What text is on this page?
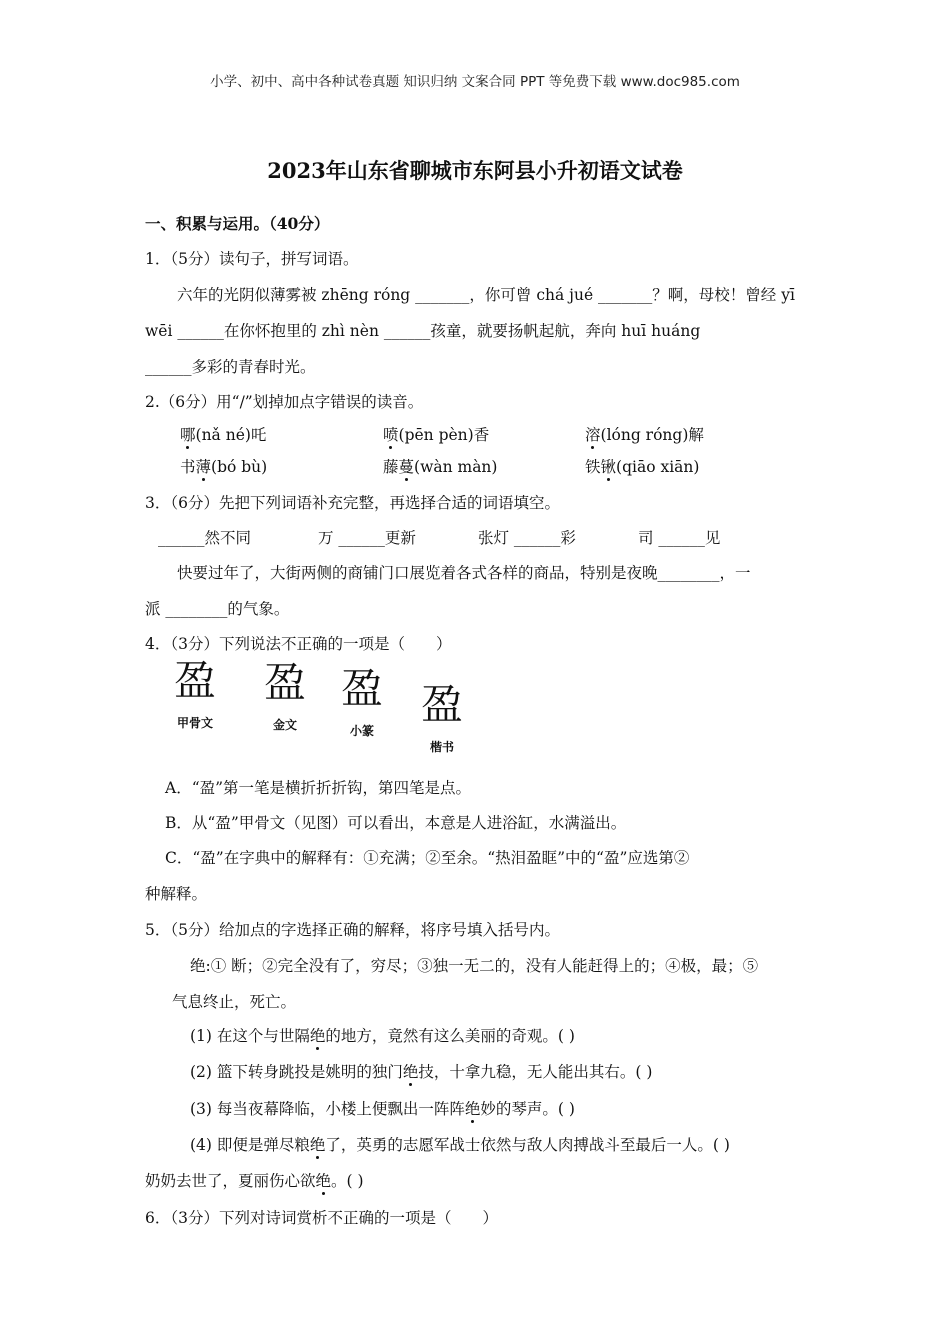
小学、初中、高中各种试卷真题 知识归纳 文案合同 PPT 等免费下载 www.doc985.com
2023年山东省聊城市东阿县小升初语文试卷
一、积累与运用。（40分）
1．（5分）读句子，拼写词语。
六年的光阴似薄雾被 zhēng róng _______，你可曾 chá jué _______？啊，母校！曾经 yī
wēi ______在你怀抱里的 zhì nèn ______孩童，就要扬帆起航，奔向 huī huáng
______多彩的青春时光。
2.（6分）用“/”划掉加点字错误的读音。
哪(nǎ né)吒	喷(pēn pèn)香	溶(lóng róng)解
书薄(bó bù)	藤蔓(wàn màn)	铁锹(qiāo xiān)
3．（6分）先把下列词语补充完整，再选择合适的词语填空。
______然不同	万 ______更新	张灯 ______彩	司 ______见
快要过年了，大街两侧的商铺门口展览着各式各样的商品，特别是夜晚________，一
派 ________的气象。
4．（3分）下列说法不正确的一项是（　　）
盈
甲骨文
盈
金文
盈
小篆
盈
楷书
A．“盈”第一笔是横折折折钩，第四笔是点。
B．从“盈”甲骨文（见图）可以看出，本意是人进浴缸，水满溢出。
C．“盈”在字典中的解释有：①充满；②至余。“热泪盈眶”中的“盈”应选第②
种解释。
5．（5分）给加点的字选择正确的解释，将序号填入括号内。
绝:① 断；②完全没有了，穷尽；③独一无二的，没有人能赶得上的；④极，最；⑤
气息终止，死亡。
(1) 在这个与世隔绝的地方，竟然有这么美丽的奇观。( )
(2) 篮下转身跳投是姚明的独门绝技，十拿九稳，无人能出其右。( )
(3) 每当夜幕降临，小楼上便飘出一阵阵绝妙的琴声。( )
(4) 即便是弹尽粮绝了，英勇的志愿军战士依然与敌人肉搏战斗至最后一人。( )
奶奶去世了，夏丽伤心欲绝。( )
6．（3分）下列对诗词赏析不正确的一项是（　　）
